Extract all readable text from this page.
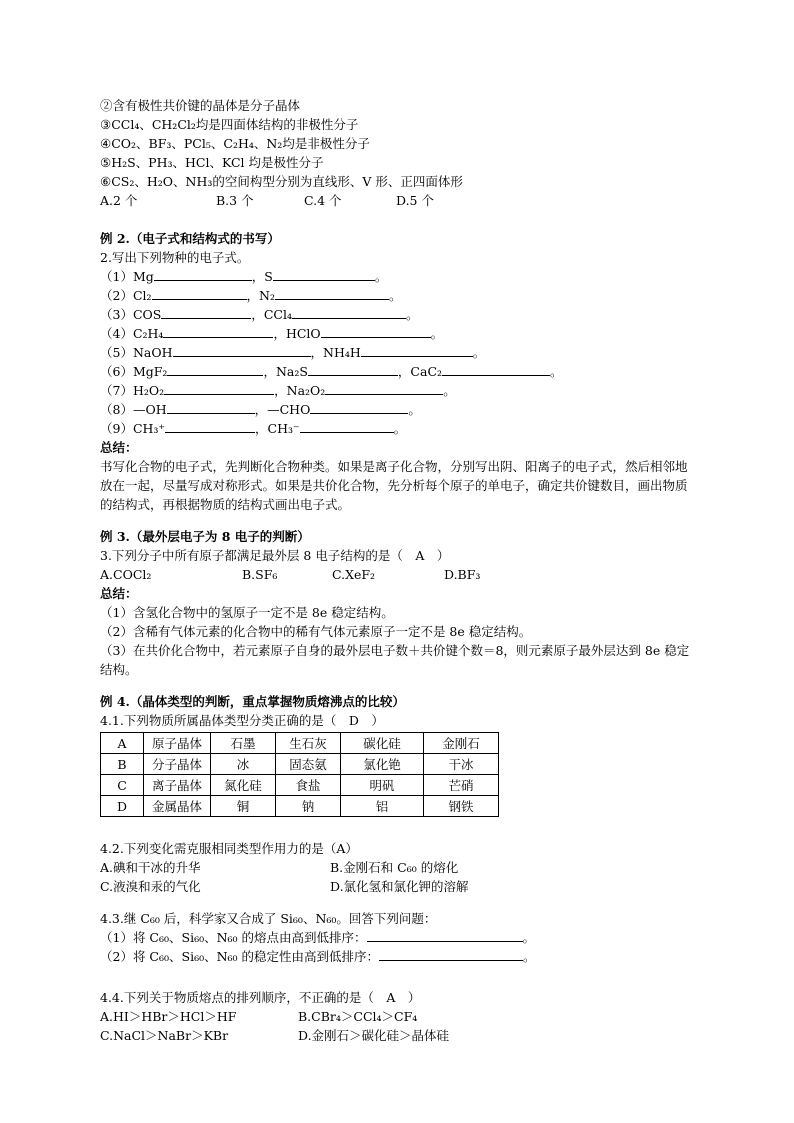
②含有极性共价键的晶体是分子晶体
③CCl₄、CH₂Cl₂均是四面体结构的非极性分子
④CO₂、BF₃、PCl₅、C₂H₄、N₂均是非极性分子
⑤H₂S、PH₃、HCl、KCl 均是极性分子
⑥CS₂、H₂O、NH₃的空间构型分别为直线形、V 形、正四面体形
A.2 个	B.3 个	C.4 个	D.5 个
例 2.（电子式和结构式的书写）
2.写出下列物种的电子式。
（1）Mg	，S	。
（2）Cl₂	，N₂	。
（3）COS	，CCl₄	。
（4）C₂H₄	，HClO	。
（5）NaOH	，NH₄H	。
（6）MgF₂	，Na₂S	，CaC₂	。
（7）H₂O₂	，Na₂O₂	。
（8）—OH	，—CHO	。
（9）CH₃⁺	，CH₃⁻	。
总结：
书写化合物的电子式，先判断化合物种类。如果是离子化合物，分别写出阴、阳离子的电子式，然后相邻地放在一起，尽量写成对称形式。如果是共价化合物，先分析每个原子的单电子，确定共价键数目，画出物质的结构式，再根据物质的结构式画出电子式。
例 3.（最外层电子为 8 电子的判断）
3.下列分子中所有原子都满足最外层 8 电子结构的是（　A　）
A.COCl₂	B.SF₆	C.XeF₂	D.BF₃
总结：
（1）含氢化合物中的氢原子一定不是 8e 稳定结构。
（2）含稀有气体元素的化合物中的稀有气体元素原子一定不是 8e 稳定结构。
（3）在共价化合物中，若元素原子自身的最外层电子数＋共价键个数＝8，则元素原子最外层达到 8e 稳定结构。
例 4.（晶体类型的判断，重点掌握物质熔沸点的比较）
4.1.下列物质所属晶体类型分类正确的是（　D　）
A	原子晶体	石墨	生石灰	碳化硅	金刚石
B	分子晶体	冰	固态氨	氯化铯	干冰
C	离子晶体	氮化硅	食盐	明矾	芒硝
D	金属晶体	铜	钠	铝	钢铁
4.2.下列变化需克服相同类型作用力的是（A）
A.碘和干冰的升华	B.金刚石和 C₆₀ 的熔化
C.液溴和汞的气化	D.氯化氢和氯化钾的溶解
4.3.继 C₆₀ 后，科学家又合成了 Si₆₀、N₆₀。回答下列问题：
（1）将 C₆₀、Si₆₀、N₆₀ 的熔点由高到低排序：	。
（2）将 C₆₀、Si₆₀、N₆₀ 的稳定性由高到低排序：	。
4.4.下列关于物质熔点的排列顺序，不正确的是（　A　）
A.HI＞HBr＞HCl＞HF	B.CBr₄＞CCl₄＞CF₄
C.NaCl＞NaBr＞KBr	D.金刚石＞碳化硅＞晶体硅
